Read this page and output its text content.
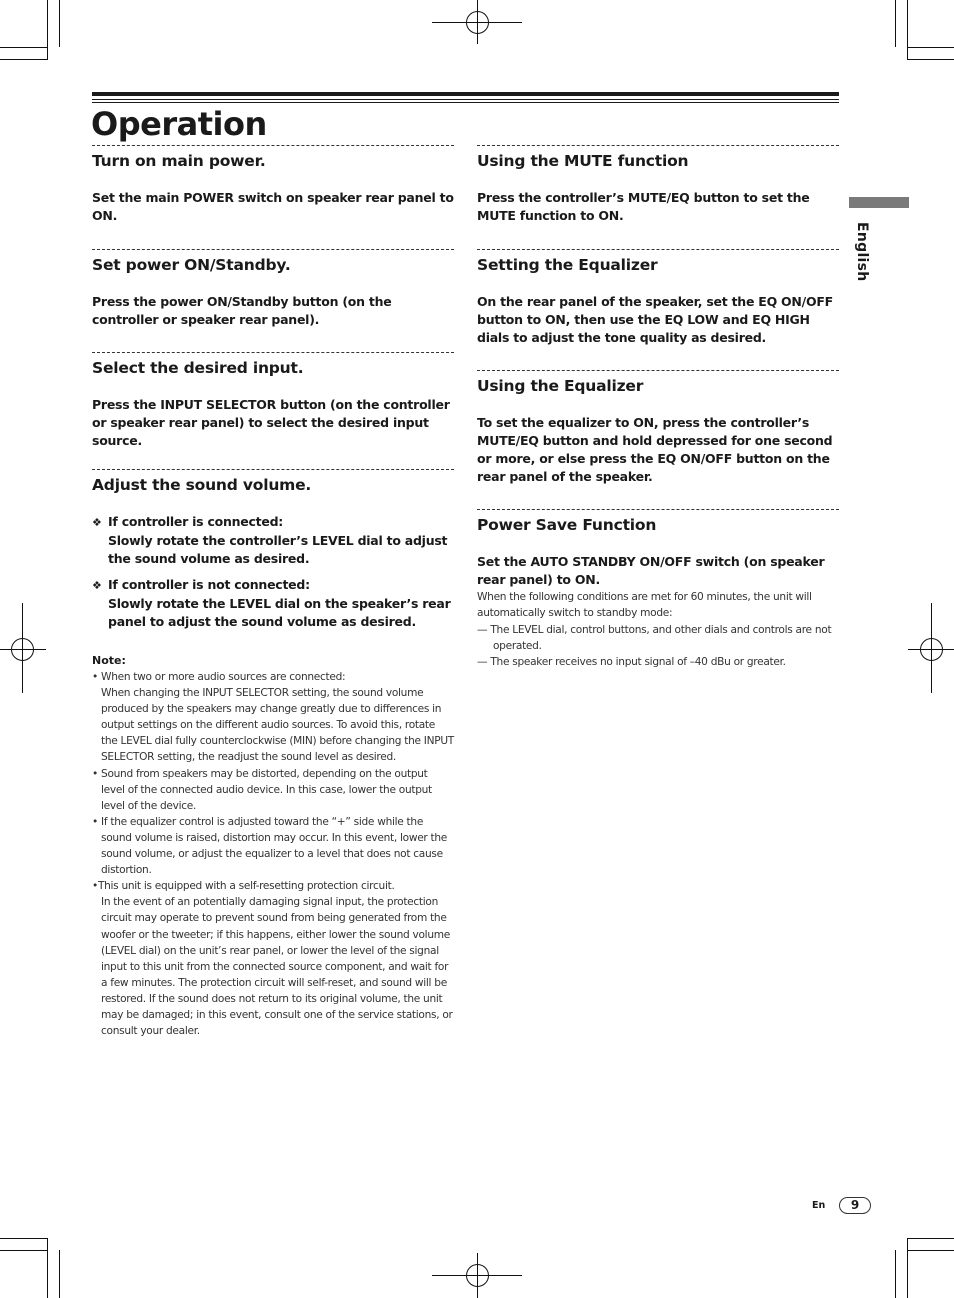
Operation
English
Turn on main power.

Set the main POWER switch on speaker rear panel to ON.

Set power ON/Standby.

Press the power ON/Standby button (on the controller or speaker rear panel).

Select the desired input.

Press the INPUT SELECTOR button (on the controller or speaker rear panel) to select the desired input source.

Adjust the sound volume.
❖ If controller is connected:
Slowly rotate the controller’s LEVEL dial to adjust the sound volume as desired.
❖ If controller is not connected:
Slowly rotate the LEVEL dial on the speaker’s rear panel to adjust the sound volume as desired.
Note:
• When two or more audio sources are connected:
When changing the INPUT SELECTOR setting, the sound volume produced by the speakers may change greatly due to differences in output settings on the different audio sources. To avoid this, rotate the LEVEL dial fully counterclockwise (MIN) before changing the INPUT SELECTOR setting, the readjust the sound level as desired.
• Sound from speakers may be distorted, depending on the output level of the connected audio device. In this case, lower the output level of the device.
• If the equalizer control is adjusted toward the “+” side while the sound volume is raised, distortion may occur. In this event, lower the sound volume, or adjust the equalizer to a level that does not cause distortion.
•This unit is equipped with a self-resetting protection circuit.
In the event of an potentially damaging signal input, the protection circuit may operate to prevent sound from being generated from the woofer or the tweeter; if this happens, either lower the sound volume (LEVEL dial) on the unit’s rear panel, or lower the level of the signal input to this unit from the connected source component, and wait for a few minutes. The protection circuit will self-reset, and sound will be restored. If the sound does not return to its original volume, the unit may be damaged; in this event, consult one of the service stations, or consult your dealer.
Using the MUTE function

Press the controller’s MUTE/EQ button to set the MUTE function to ON.

Setting the Equalizer

On the rear panel of the speaker, set the EQ ON/OFF button to ON, then use the EQ LOW and EQ HIGH dials to adjust the tone quality as desired.

Using the Equalizer

To set the equalizer to ON, press the controller’s MUTE/EQ button and hold depressed for one second or more, or else press the EQ ON/OFF button on the rear panel of the speaker.

Power Save Function

Set the AUTO STANDBY ON/OFF switch (on speaker rear panel) to ON.

When the following conditions are met for 60 minutes, the unit will automatically switch to standby mode:
— The LEVEL dial, control buttons, and other dials and controls are not operated.
— The speaker receives no input signal of –40 dBu or greater.
En	9
